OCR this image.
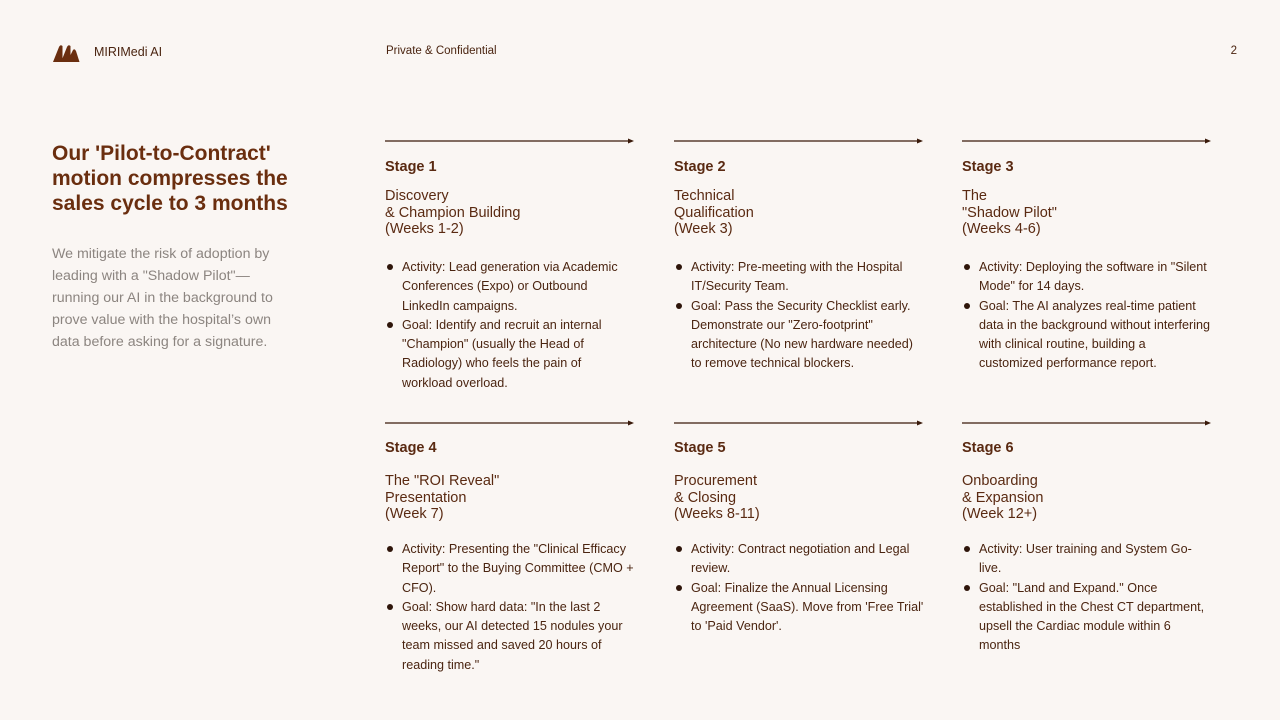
MIRIMedi AI	Private & Confidential	2
Our 'Pilot-to-Contract' motion compresses the sales cycle to 3 months

We mitigate the risk of adoption by leading with a "Shadow Pilot"—running our AI in the background to prove value with the hospital’s own data before asking for a signature.

Stage 1
Discovery
& Champion Building
(Weeks 1-2)
Activity: Lead generation via Academic Conferences (Expo) or Outbound LinkedIn campaigns.
Goal: Identify and recruit an internal "Champion" (usually the Head of Radiology) who feels the pain of workload overload.
Stage 2
Technical
Qualification
(Week 3)
Activity: Pre-meeting with the Hospital IT/Security Team.
Goal: Pass the Security Checklist early. Demonstrate our "Zero-footprint" architecture (No new hardware needed) to remove technical blockers.
Stage 3
The
"Shadow Pilot"
(Weeks 4-6)
Activity: Deploying the software in "Silent Mode" for 14 days.
Goal: The AI analyzes real-time patient data in the background without interfering with clinical routine, building a customized performance report.
Stage 4
The "ROI Reveal"
Presentation
(Week 7)
Activity: Presenting the "Clinical Efficacy Report" to the Buying Committee (CMO + CFO).
Goal: Show hard data: "In the last 2 weeks, our AI detected 15 nodules your team missed and saved 20 hours of reading time."
Stage 5
Procurement
& Closing
(Weeks 8-11)
Activity: Contract negotiation and Legal review.
Goal: Finalize the Annual Licensing Agreement (SaaS). Move from 'Free Trial' to 'Paid Vendor'.
Stage 6
Onboarding
& Expansion
(Week 12+)
Activity: User training and System Go-live.
Goal: "Land and Expand." Once established in the Chest CT department, upsell the Cardiac module within 6 months
